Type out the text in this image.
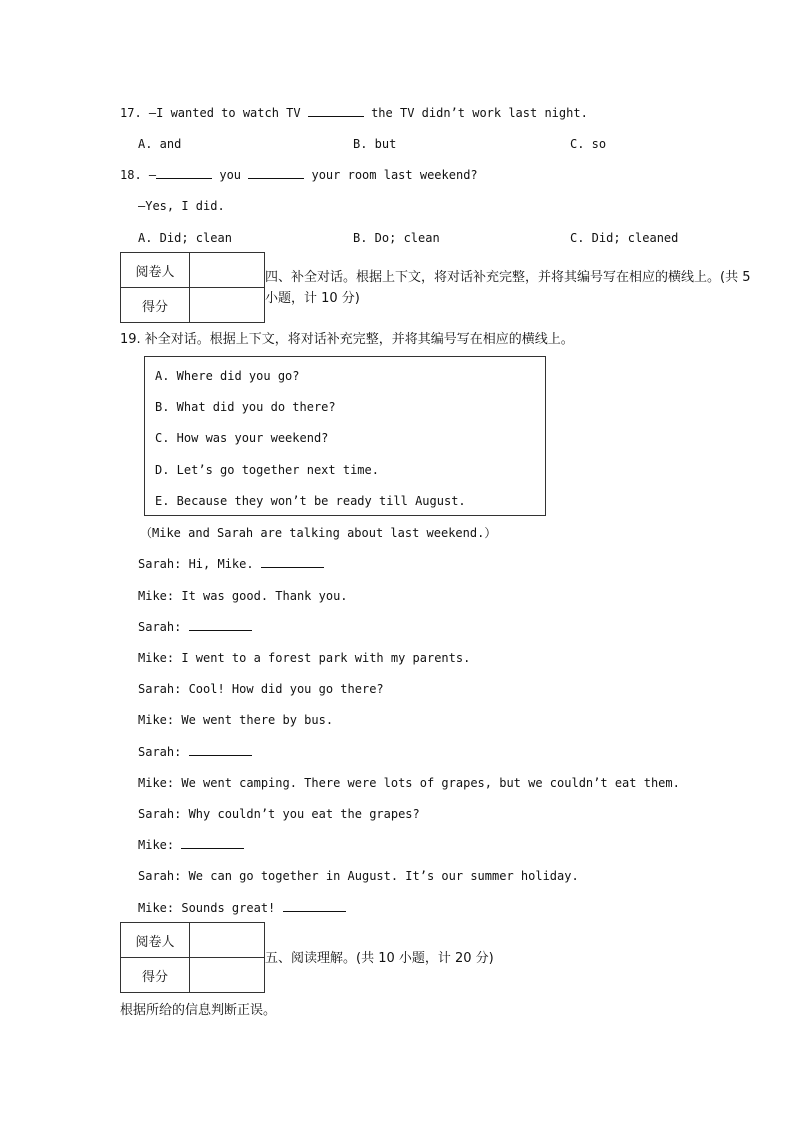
17. —I wanted to watch TV	the TV didn’t work last night.
A. and	B. but	C. so
18. —	you	your room last weekend?
—Yes, I did.
A. Did; clean	B. Do; clean	C. Did; cleaned
阅卷人	
得分	
四、补全对话。根据上下文，将对话补充完整，并将其编号写在相应的横线上。(共 5
小题，计 10 分)
19. 补全对话。根据上下文，将对话补充完整，并将其编号写在相应的横线上。
A. Where did you go?
B. What did you do there?
C. How was your weekend?
D. Let’s go together next time.
E. Because they won’t be ready till August.
（Mike and Sarah are talking about last weekend.）
Sarah: Hi, Mike.
Mike: It was good. Thank you.
Sarah:
Mike: I went to a forest park with my parents.
Sarah: Cool! How did you go there?
Mike: We went there by bus.
Sarah:
Mike: We went camping. There were lots of grapes, but we couldn’t eat them.
Sarah: Why couldn’t you eat the grapes?
Mike:
Sarah: We can go together in August. It’s our summer holiday.
Mike: Sounds great!
阅卷人	
得分	
五、阅读理解。(共 10 小题，计 20 分)
根据所给的信息判断正误。
